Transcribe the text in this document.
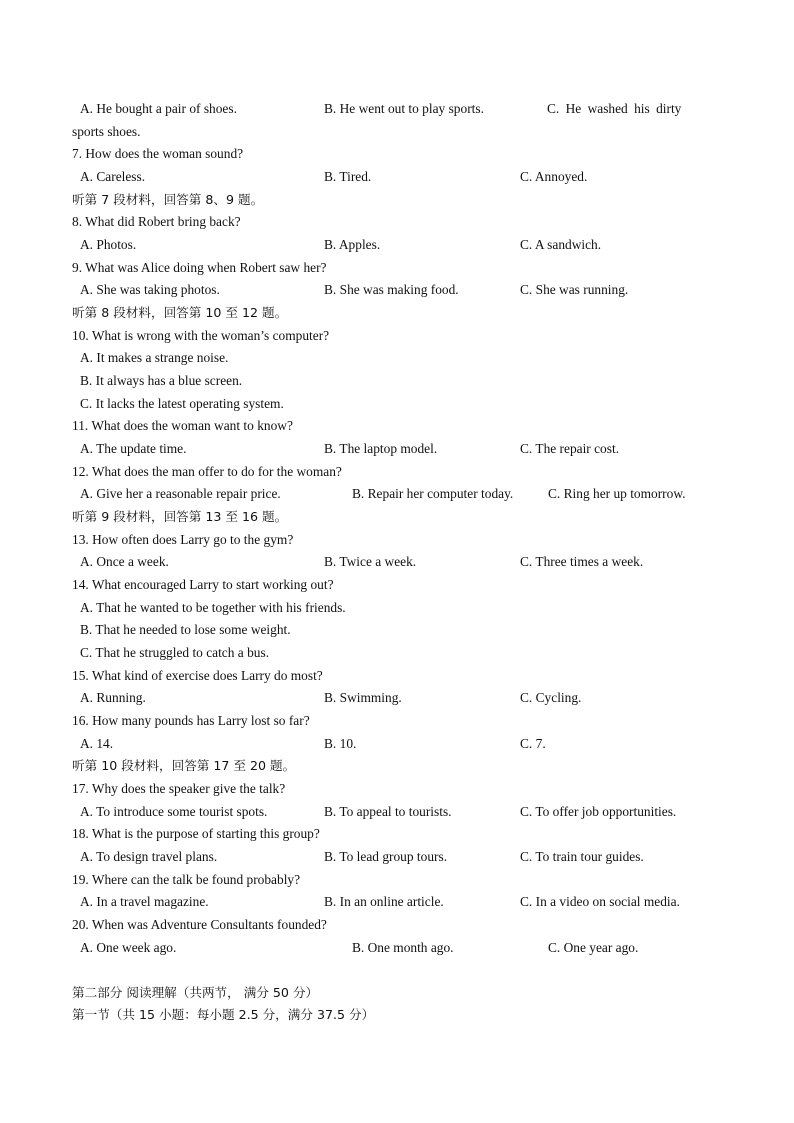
A. He bought a pair of shoes.	B. He went out to play sports.	C. He washed his dirty
sports shoes.
7. How does the woman sound?
A. Careless.	B. Tired.	C. Annoyed.
听第 7 段材料，回答第 8、9 题。
8. What did Robert bring back?
A. Photos.	B. Apples.	C. A sandwich.
9. What was Alice doing when Robert saw her?
A. She was taking photos.	B. She was making food.	C. She was running.
听第 8 段材料，回答第 10 至 12 题。
10. What is wrong with the woman’s computer?
A. It makes a strange noise.
B. It always has a blue screen.
C. It lacks the latest operating system.
11. What does the woman want to know?
A. The update time.	B. The laptop model.	C. The repair cost.
12. What does the man offer to do for the woman?
A. Give her a reasonable repair price.	B. Repair her computer today.	C. Ring her up tomorrow.
听第 9 段材料，回答第 13 至 16 题。
13. How often does Larry go to the gym?
A. Once a week.	B. Twice a week.	C. Three times a week.
14. What encouraged Larry to start working out?
A. That he wanted to be together with his friends.
B. That he needed to lose some weight.
C. That he struggled to catch a bus.
15. What kind of exercise does Larry do most?
A. Running.	B. Swimming.	C. Cycling.
16. How many pounds has Larry lost so far?
A. 14.	B. 10.	C. 7.
听第 10 段材料，回答第 17 至 20 题。
17. Why does the speaker give the talk?
A. To introduce some tourist spots.	B. To appeal to tourists.	C. To offer job opportunities.
18. What is the purpose of starting this group?
A. To design travel plans.	B. To lead group tours.	C. To train tour guides.
19. Where can the talk be found probably?
A. In a travel magazine.	B. In an online article.	C. In a video on social media.
20. When was Adventure Consultants founded?
A. One week ago.	B. One month ago.	C. One year ago.
第二部分 阅读理解（共两节， 满分 50 分）
第一节（共 15 小题：每小题 2.5 分，满分 37.5 分）
